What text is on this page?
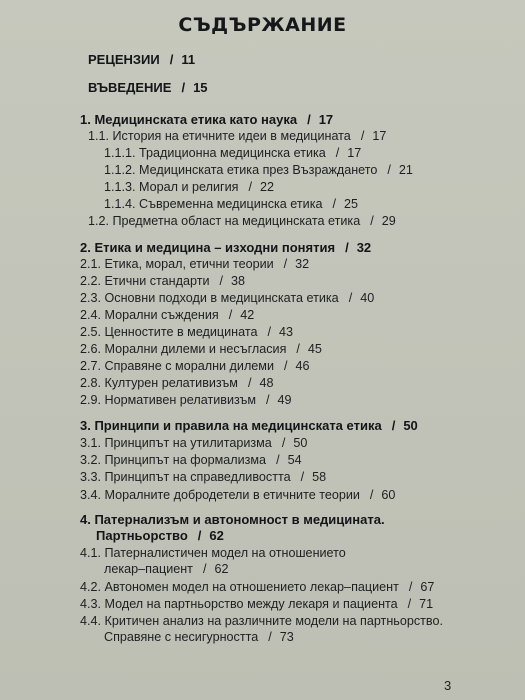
СЪДЪРЖАНИЕ
РЕЦЕНЗИИ / 11
ВЪВЕДЕНИЕ / 15
1. Медицинската етика като наука / 17
1.1. История на етичните идеи в медицината / 17
1.1.1. Традиционна медицинска етика / 17
1.1.2. Медицинската етика през Възраждането / 21
1.1.3. Морал и религия / 22
1.1.4. Съвременна медицинска етика / 25
1.2. Предметна област на медицинската етика / 29
2. Етика и медицина – изходни понятия / 32
2.1. Етика, морал, етични теории / 32
2.2. Етични стандарти / 38
2.3. Основни подходи в медицинската етика / 40
2.4. Морални съждения / 42
2.5. Ценностите в медицината / 43
2.6. Морални дилеми и несъгласия / 45
2.7. Справяне с морални дилеми / 46
2.8. Културен релативизъм / 48
2.9. Нормативен релативизъм / 49
3. Принципи и правила на медицинската етика / 50
3.1. Принципът на утилитаризма / 50
3.2. Принципът на формализма / 54
3.3. Принципът на справедливостта / 58
3.4. Моралните добродетели в етичните теории / 60
4. Патернализъм и автономност в медицината.
Партньорство / 62
4.1. Патерналистичен модел на отношението
лекар–пациент / 62
4.2. Автономен модел на отношението лекар–пациент / 67
4.3. Модел на партньорство между лекаря и пациента / 71
4.4. Критичен анализ на различните модели на партньорство.
Справяне с несигурността / 73
3
